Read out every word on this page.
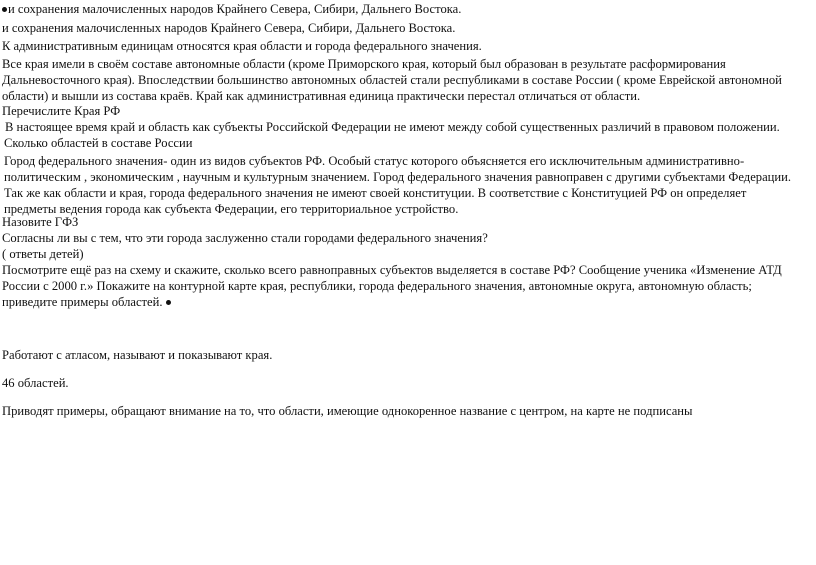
и сохранения малочисленных народов Крайнего Севера, Сибири, Дальнего Востока.
и сохранения малочисленных народов Крайнего Севера, Сибири, Дальнего Востока.
К административным единицам относятся края области и города федерального значения.
Все края имели в своём составе автономные области (кроме Приморского края, который был образован в результате расформирования
Дальневосточного края). Впоследствии большинство автономных областей стали республиками в составе России ( кроме Еврейской автономной
области) и вышли из состава краёв. Край как административная единица практически перестал отличаться от области.
Перечислите Края РФ
В настоящее время край и область как субъекты Российской Федерации не имеют между собой существенных различий в правовом положении.
Сколько областей в составе России
Город федерального значения- один из видов субъектов РФ. Особый статус которого объясняется его исключительным административно-
политическим , экономическим , научным и культурным значением. Город федерального значения равноправен с другими субъектами Федерации.
Так же как области и края, города федерального значения не имеют своей конституции. В соответствие с Конституцией РФ он определяет
предметы ведения города как субъекта Федерации, его территориальное устройство.
Назовите ГФЗ
Согласны ли вы с тем, что эти города заслуженно стали городами федерального значения?
( ответы детей)
Посмотрите ещё раз на схему и скажите, сколько всего равноправных субъектов выделяется в составе РФ? Сообщение ученика «Изменение АТД
России с 2000 г.» Покажите на контурной карте края, республики, города федерального значения, автономные округа, автономную область;
приведите примеры областей.
Работают с атласом, называют и показывают края.
46 областей.
Приводят примеры, обращают внимание на то, что области, имеющие однокоренное название с центром, на карте не подписаны
